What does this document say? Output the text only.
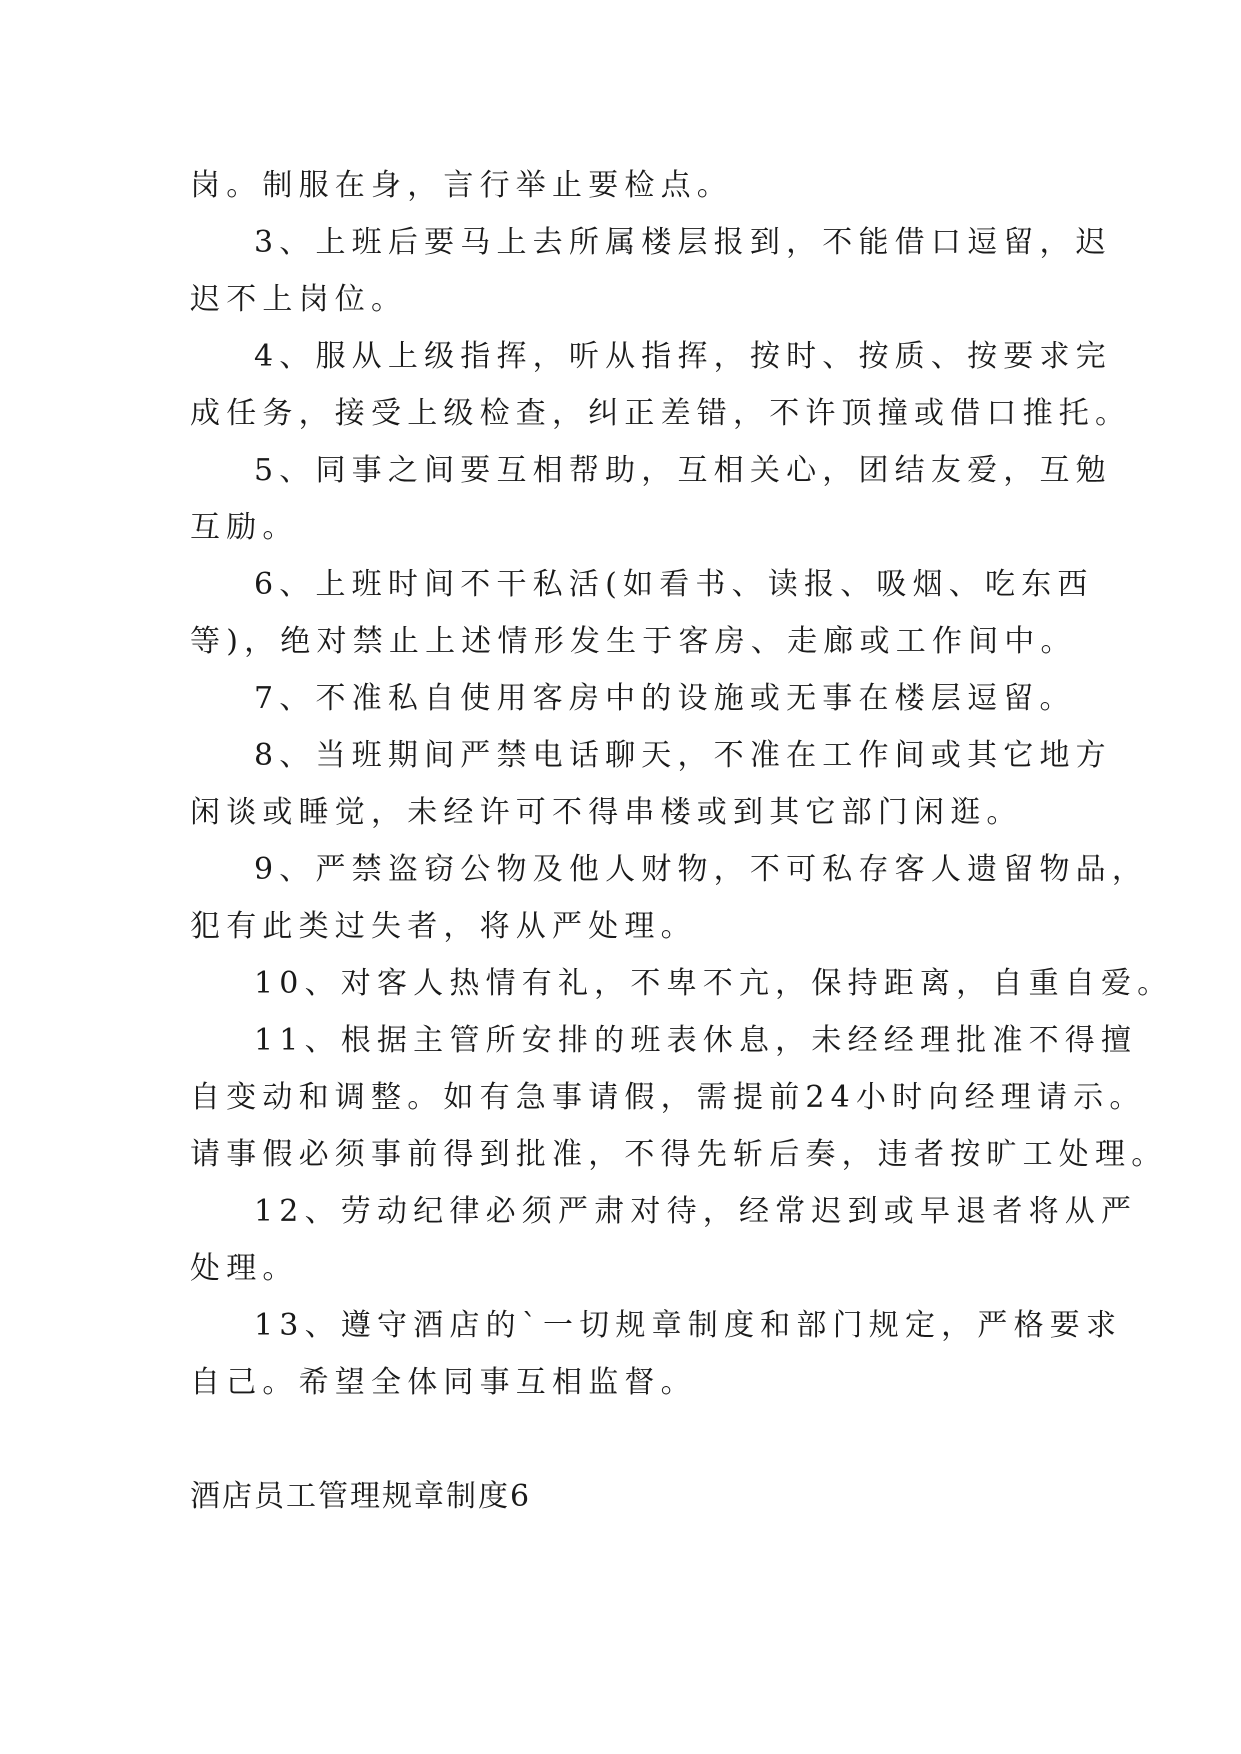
岗。制服在身，言行举止要检点。
3、上班后要马上去所属楼层报到，不能借口逗留，迟
迟不上岗位。
4、服从上级指挥，听从指挥，按时、按质、按要求完
成任务，接受上级检查，纠正差错，不许顶撞或借口推托。
5、同事之间要互相帮助，互相关心，团结友爱，互勉
互励。
6、上班时间不干私活(如看书、读报、吸烟、吃东西
等)，绝对禁止上述情形发生于客房、走廊或工作间中。
7、不准私自使用客房中的设施或无事在楼层逗留。
8、当班期间严禁电话聊天，不准在工作间或其它地方
闲谈或睡觉，未经许可不得串楼或到其它部门闲逛。
9、严禁盗窃公物及他人财物，不可私存客人遗留物品，
犯有此类过失者，将从严处理。
10、对客人热情有礼，不卑不亢，保持距离，自重自爱。
11、根据主管所安排的班表休息，未经经理批准不得擅
自变动和调整。如有急事请假，需提前24小时向经理请示。
请事假必须事前得到批准，不得先斩后奏，违者按旷工处理。
12、劳动纪律必须严肃对待，经常迟到或早退者将从严
处理。
13、遵守酒店的`一切规章制度和部门规定，严格要求
自己。希望全体同事互相监督。
酒店员工管理规章制度6
